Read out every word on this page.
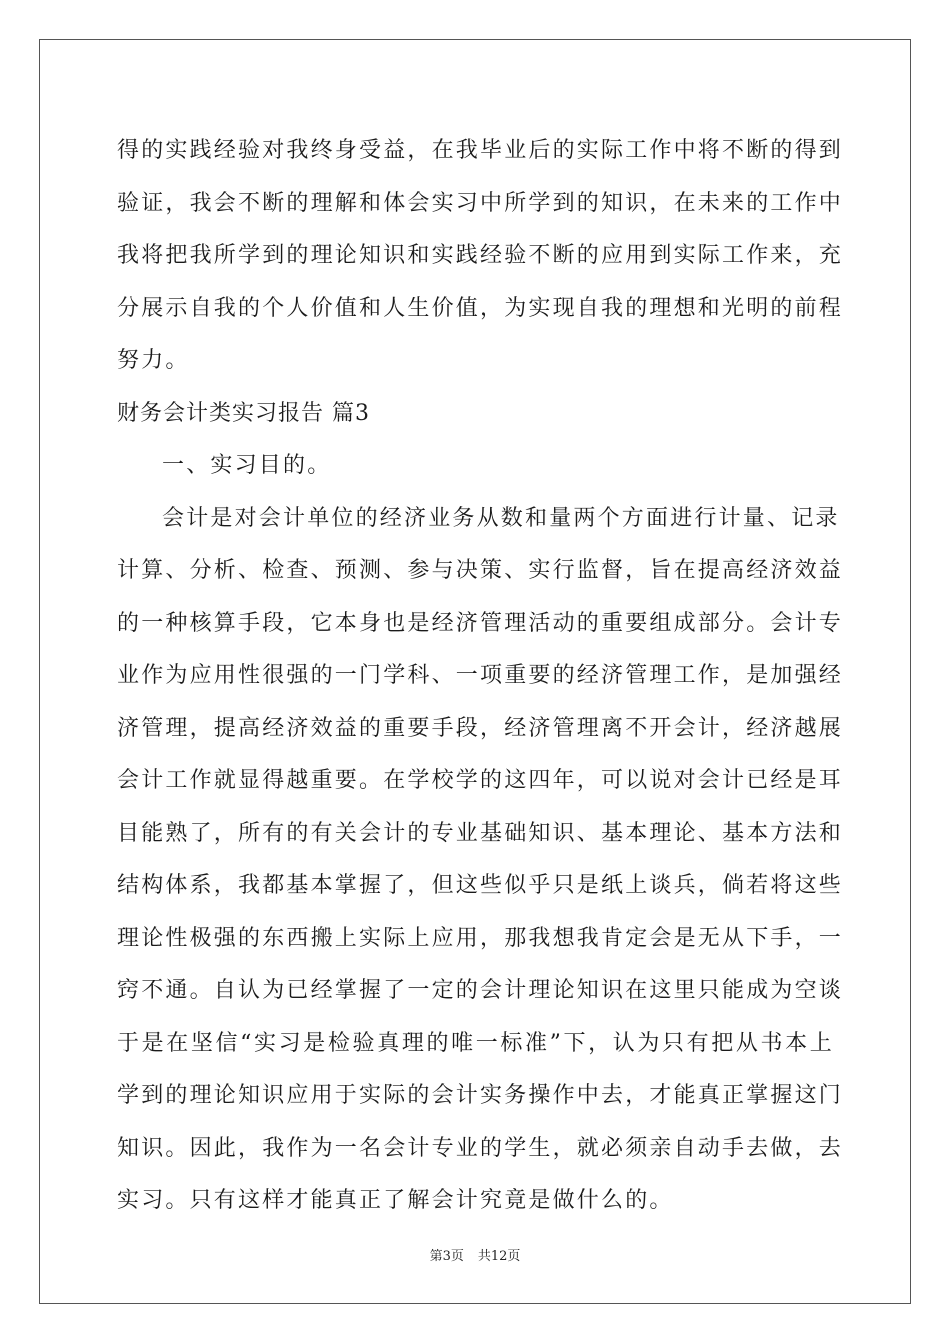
得的实践经验对我终身受益，在我毕业后的实际工作中将不断的得到
验证，我会不断的理解和体会实习中所学到的知识，在未来的工作中
我将把我所学到的理论知识和实践经验不断的应用到实际工作来，充
分展示自我的个人价值和人生价值，为实现自我的理想和光明的前程
努力。
财务会计类实习报告 篇3
一、实习目的。
会计是对会计单位的经济业务从数和量两个方面进行计量、记录
计算、分析、检查、预测、参与决策、实行监督，旨在提高经济效益
的一种核算手段，它本身也是经济管理活动的重要组成部分。会计专
业作为应用性很强的一门学科、一项重要的经济管理工作，是加强经
济管理，提高经济效益的重要手段，经济管理离不开会计，经济越展
会计工作就显得越重要。在学校学的这四年，可以说对会计已经是耳
目能熟了，所有的有关会计的专业基础知识、基本理论、基本方法和
结构体系，我都基本掌握了，但这些似乎只是纸上谈兵，倘若将这些
理论性极强的东西搬上实际上应用，那我想我肯定会是无从下手，一
窍不通。自认为已经掌握了一定的会计理论知识在这里只能成为空谈
于是在坚信“实习是检验真理的唯一标准”下，认为只有把从书本上
学到的理论知识应用于实际的会计实务操作中去，才能真正掌握这门
知识。因此，我作为一名会计专业的学生，就必须亲自动手去做，去
实习。只有这样才能真正了解会计究竟是做什么的。
第3页 共12页
